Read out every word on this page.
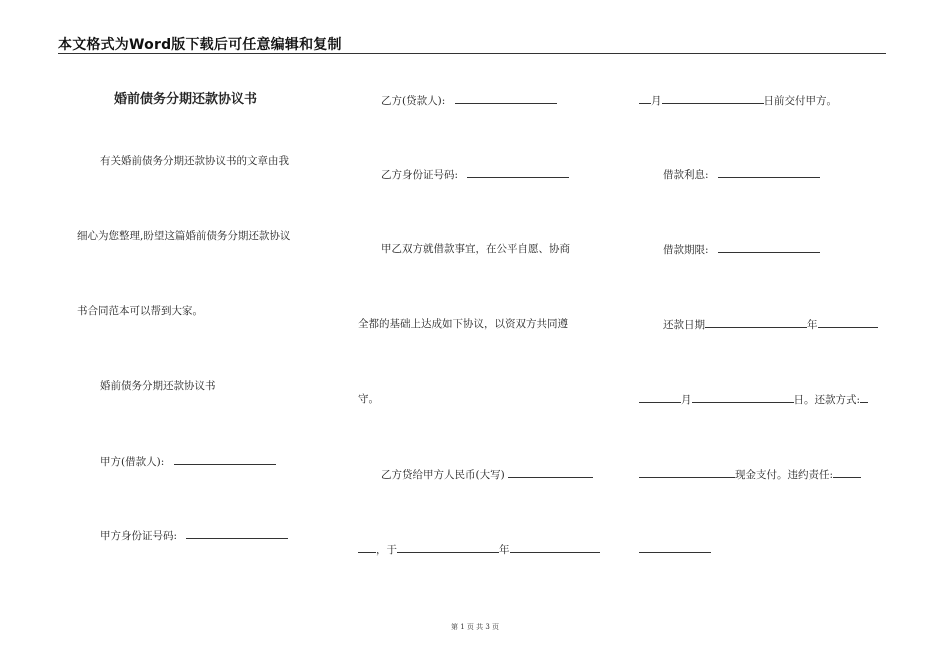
本文格式为Word版下载后可任意编辑和复制
婚前债务分期还款协议书
有关婚前债务分期还款协议书的文章由我
细心为您整理,盼望这篇婚前债务分期还款协议
书合同范本可以帮到大家。
婚前债务分期还款协议书
甲方(借款人):
甲方身份证号码:
乙方(贷款人):
乙方身份证号码:
甲乙双方就借款事宜，在公平自愿、协商
全都的基础上达成如下协议，以资双方共同遵
守。
乙方贷给甲方人民币(大写)
，于	年
月	日前交付甲方。
借款利息:
借款期限:
还款日期	年
月	日。还款方式:
现金支付。违约责任:
第 1 页 共 3 页
